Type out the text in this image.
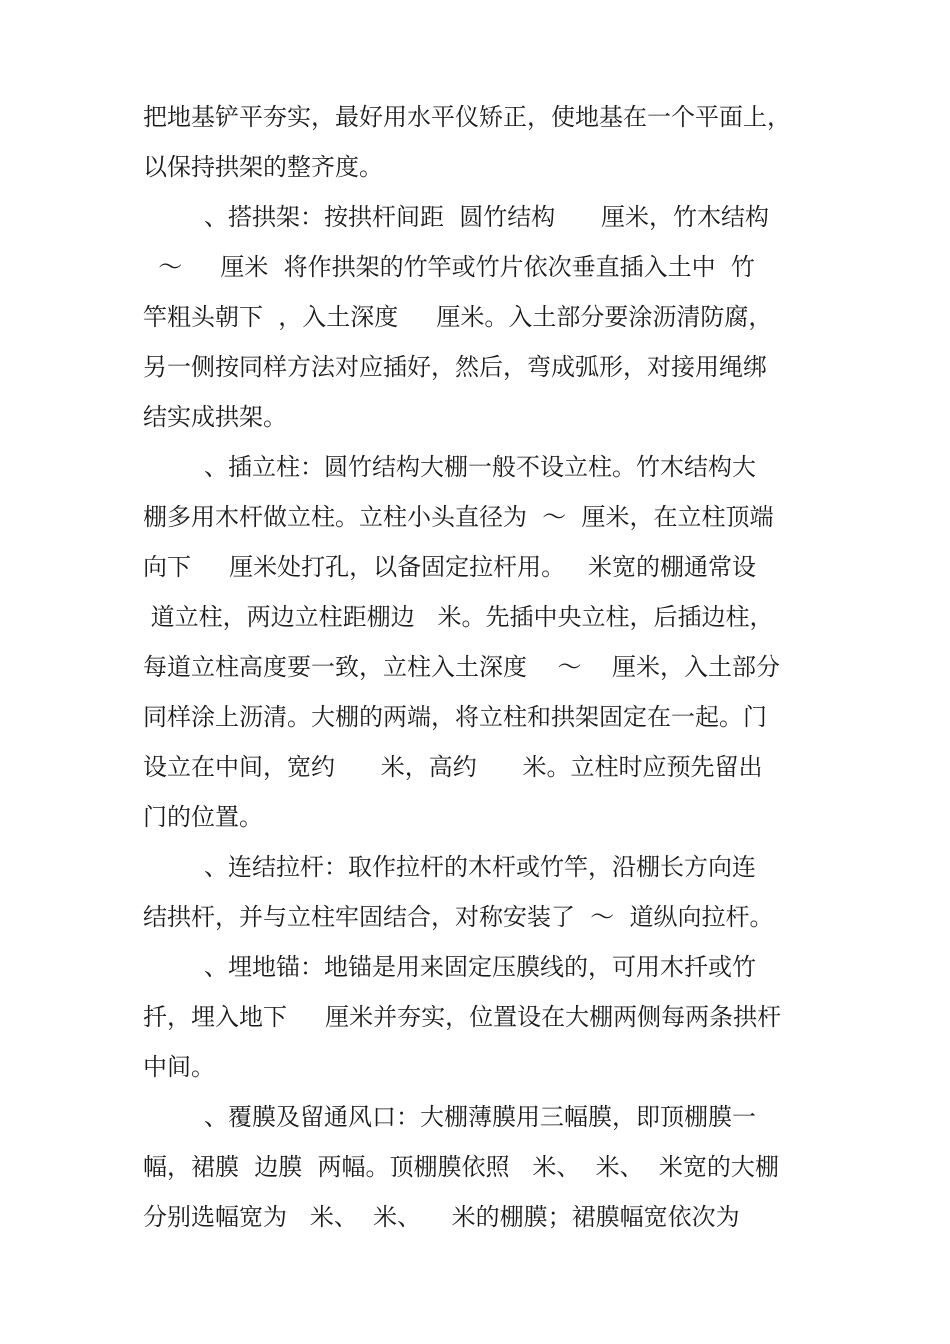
把地基铲平夯实，最好用水平仪矫正，使地基在一个平面上，
以保持拱架的整齐度。
、搭拱架：按拱杆间距  圆竹结构      厘米，竹木结构
～     厘米  将作拱架的竹竿或竹片依次垂直插入土中  竹
竿粗头朝下  ，入土深度     厘米。入土部分要涂沥清防腐，
另一侧按同样方法对应插好，然后，弯成弧形，对接用绳绑
结实成拱架。
、插立柱：圆竹结构大棚一般不设立柱。竹木结构大
棚多用木杆做立柱。立柱小头直径为  ～  厘米，在立柱顶端
向下     厘米处打孔，以备固定拉杆用。   米宽的棚通常设
道立柱，两边立柱距棚边   米。先插中央立柱，后插边柱，
每道立柱高度要一致，立柱入土深度    ～    厘米，入土部分
同样涂上沥清。大棚的两端，将立柱和拱架固定在一起。门
设立在中间，宽约      米，高约      米。立柱时应预先留出
门的位置。
、连结拉杆：取作拉杆的木杆或竹竿，沿棚长方向连
结拱杆，并与立柱牢固结合，对称安装了  ～  道纵向拉杆。
、埋地锚：地锚是用来固定压膜线的，可用木扦或竹
扦，埋入地下     厘米并夯实，位置设在大棚两侧每两条拱杆
中间。
、覆膜及留通风口：大棚薄膜用三幅膜，即顶棚膜一
幅，裙膜  边膜  两幅。顶棚膜依照   米、  米、  米宽的大棚
分别选幅宽为   米、  米、    米的棚膜；裙膜幅宽依次为
